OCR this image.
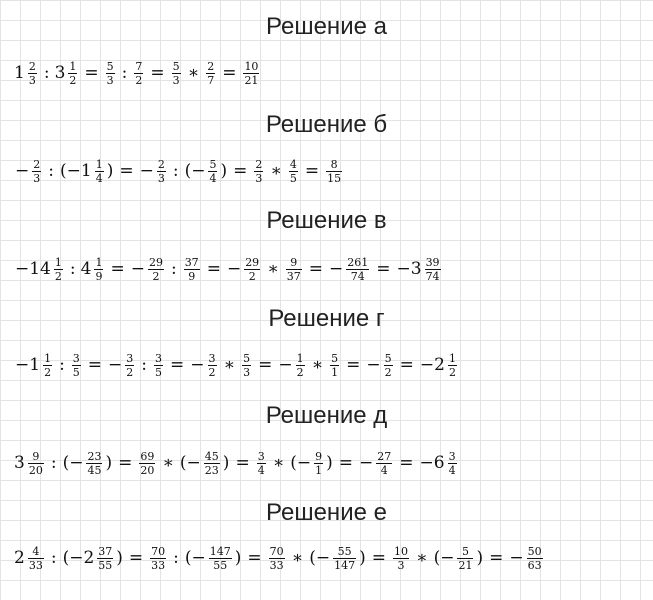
Решение а
$1 \frac{2}{3}$ : $3 \frac{1}{2} = \frac{5}{3}$ : $\frac{7}{2} = \frac{5}{3}$ ∗ $\frac{2}{7} = \frac{10}{21}$
Решение б
− $\frac{2}{3}$ : ($-1 \frac{1}{4}$ ) = − $\frac{2}{3}$ : (− $\frac{5}{4}$ ) = $\frac{2}{3}$ ∗ $\frac{4}{5} = \frac{8}{15}$
Решение в
$-14 \frac{1}{2}$ : $4 \frac{1}{9}$ = − $\frac{29}{2}$ : $\frac{37}{9}$ = − $\frac{29}{2}$ ∗ $\frac{9}{37}$ = − $\frac{261}{74} = -3 \frac{39}{74}$
Решение г
$-1 \frac{1}{2}$ : $\frac{3}{5}$ = − $\frac{3}{2}$ : $\frac{3}{5}$ = − $\frac{3}{2}$ ∗ $\frac{5}{3}$ = − $\frac{1}{2}$ ∗ $\frac{5}{1}$ = − $\frac{5}{2} = -2 \frac{1}{2}$
Решение д
$3 \frac{9}{20}$ : (− $\frac{23}{45}$ ) = $\frac{69}{20}$ ∗ (− $\frac{45}{23}$ ) = $\frac{3}{4}$ ∗ (− $\frac{9}{1}$ ) = − $\frac{27}{4} = -6 \frac{3}{4}$
Решение е
$2 \frac{4}{33}$ : ($-2 \frac{37}{55}$ ) = $\frac{70}{33}$ : (− $\frac{147}{55}$ ) = $\frac{70}{33}$ ∗ (− $\frac{55}{147}$ ) = $\frac{10}{3}$ ∗ (− $\frac{5}{21}$ ) = − $\frac{50}{63}$
